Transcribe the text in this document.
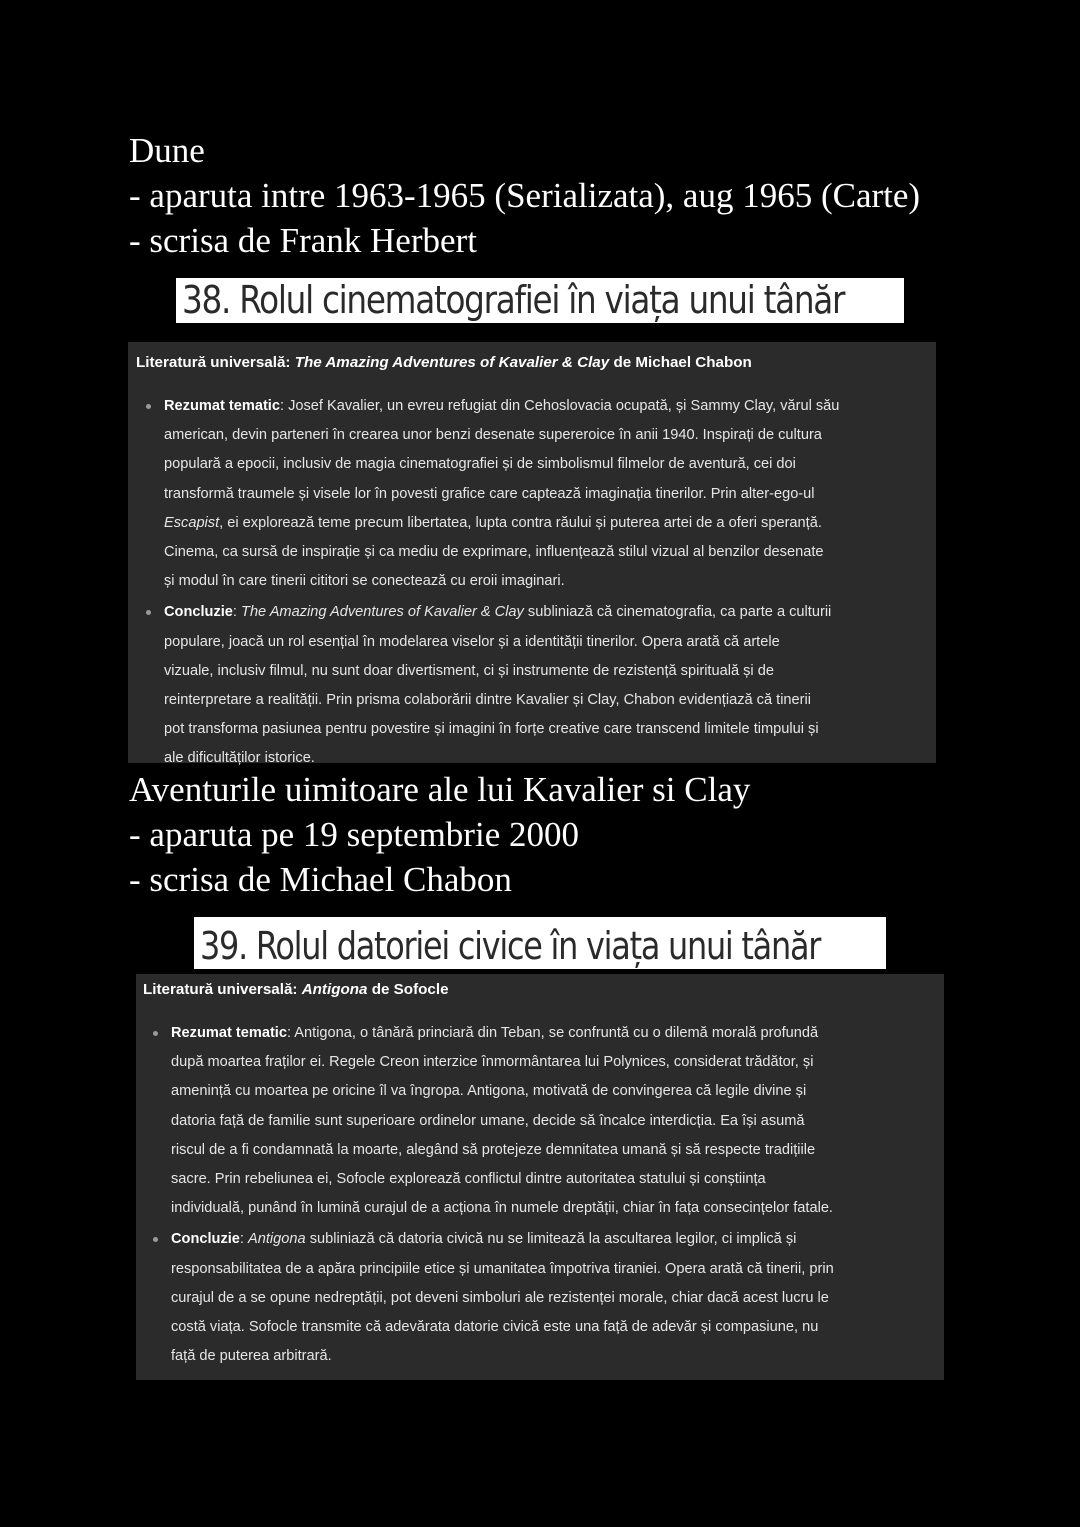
Dune
- aparuta intre 1963-1965 (Serializata), aug 1965 (Carte)
- scrisa de Frank Herbert
38. Rolul cinematografiei în viața unui tânăr
Literatură universală: The Amazing Adventures of Kavalier & Clay de Michael Chabon
Rezumat tematic: Josef Kavalier, un evreu refugiat din Cehoslovacia ocupată, și Sammy Clay, vărul său
american, devin parteneri în crearea unor benzi desenate supereroice în anii 1940. Inspirați de cultura
populară a epocii, inclusiv de magia cinematografiei și de simbolismul filmelor de aventură, cei doi
transformă traumele și visele lor în povesti grafice care captează imaginația tinerilor. Prin alter-ego-ul
Escapist, ei explorează teme precum libertatea, lupta contra răului și puterea artei de a oferi speranță.
Cinema, ca sursă de inspirație și ca mediu de exprimare, influențează stilul vizual al benzilor desenate
și modul în care tinerii cititori se conectează cu eroii imaginari.
Concluzie: The Amazing Adventures of Kavalier & Clay subliniază că cinematografia, ca parte a culturii
populare, joacă un rol esențial în modelarea viselor și a identității tinerilor. Opera arată că artele
vizuale, inclusiv filmul, nu sunt doar divertisment, ci și instrumente de rezistență spirituală și de
reinterpretare a realității. Prin prisma colaborării dintre Kavalier și Clay, Chabon evidențiază că tinerii
pot transforma pasiunea pentru povestire și imagini în forțe creative care transcend limitele timpului și
ale dificultăților istorice.
Aventurile uimitoare ale lui Kavalier si Clay
- aparuta pe 19 septembrie 2000
- scrisa de Michael Chabon
39. Rolul datoriei civice în viața unui tânăr
Literatură universală: Antigona de Sofocle
Rezumat tematic: Antigona, o tânără princiară din Teban, se confruntă cu o dilemă morală profundă
după moartea fraților ei. Regele Creon interzice înmormântarea lui Polynices, considerat trădător, și
amenință cu moartea pe oricine îl va îngropa. Antigona, motivată de convingerea că legile divine și
datoria față de familie sunt superioare ordinelor umane, decide să încalce interdicția. Ea își asumă
riscul de a fi condamnată la moarte, alegând să protejeze demnitatea umană și să respecte tradițiile
sacre. Prin rebeliunea ei, Sofocle explorează conflictul dintre autoritatea statului și conștiința
individuală, punând în lumină curajul de a acționa în numele dreptății, chiar în fața consecințelor fatale.
Concluzie: Antigona subliniază că datoria civică nu se limitează la ascultarea legilor, ci implică și
responsabilitatea de a apăra principiile etice și umanitatea împotriva tiraniei. Opera arată că tinerii, prin
curajul de a se opune nedreptății, pot deveni simboluri ale rezistenței morale, chiar dacă acest lucru le
costă viața. Sofocle transmite că adevărata datorie civică este una față de adevăr și compasiune, nu
față de puterea arbitrară.
